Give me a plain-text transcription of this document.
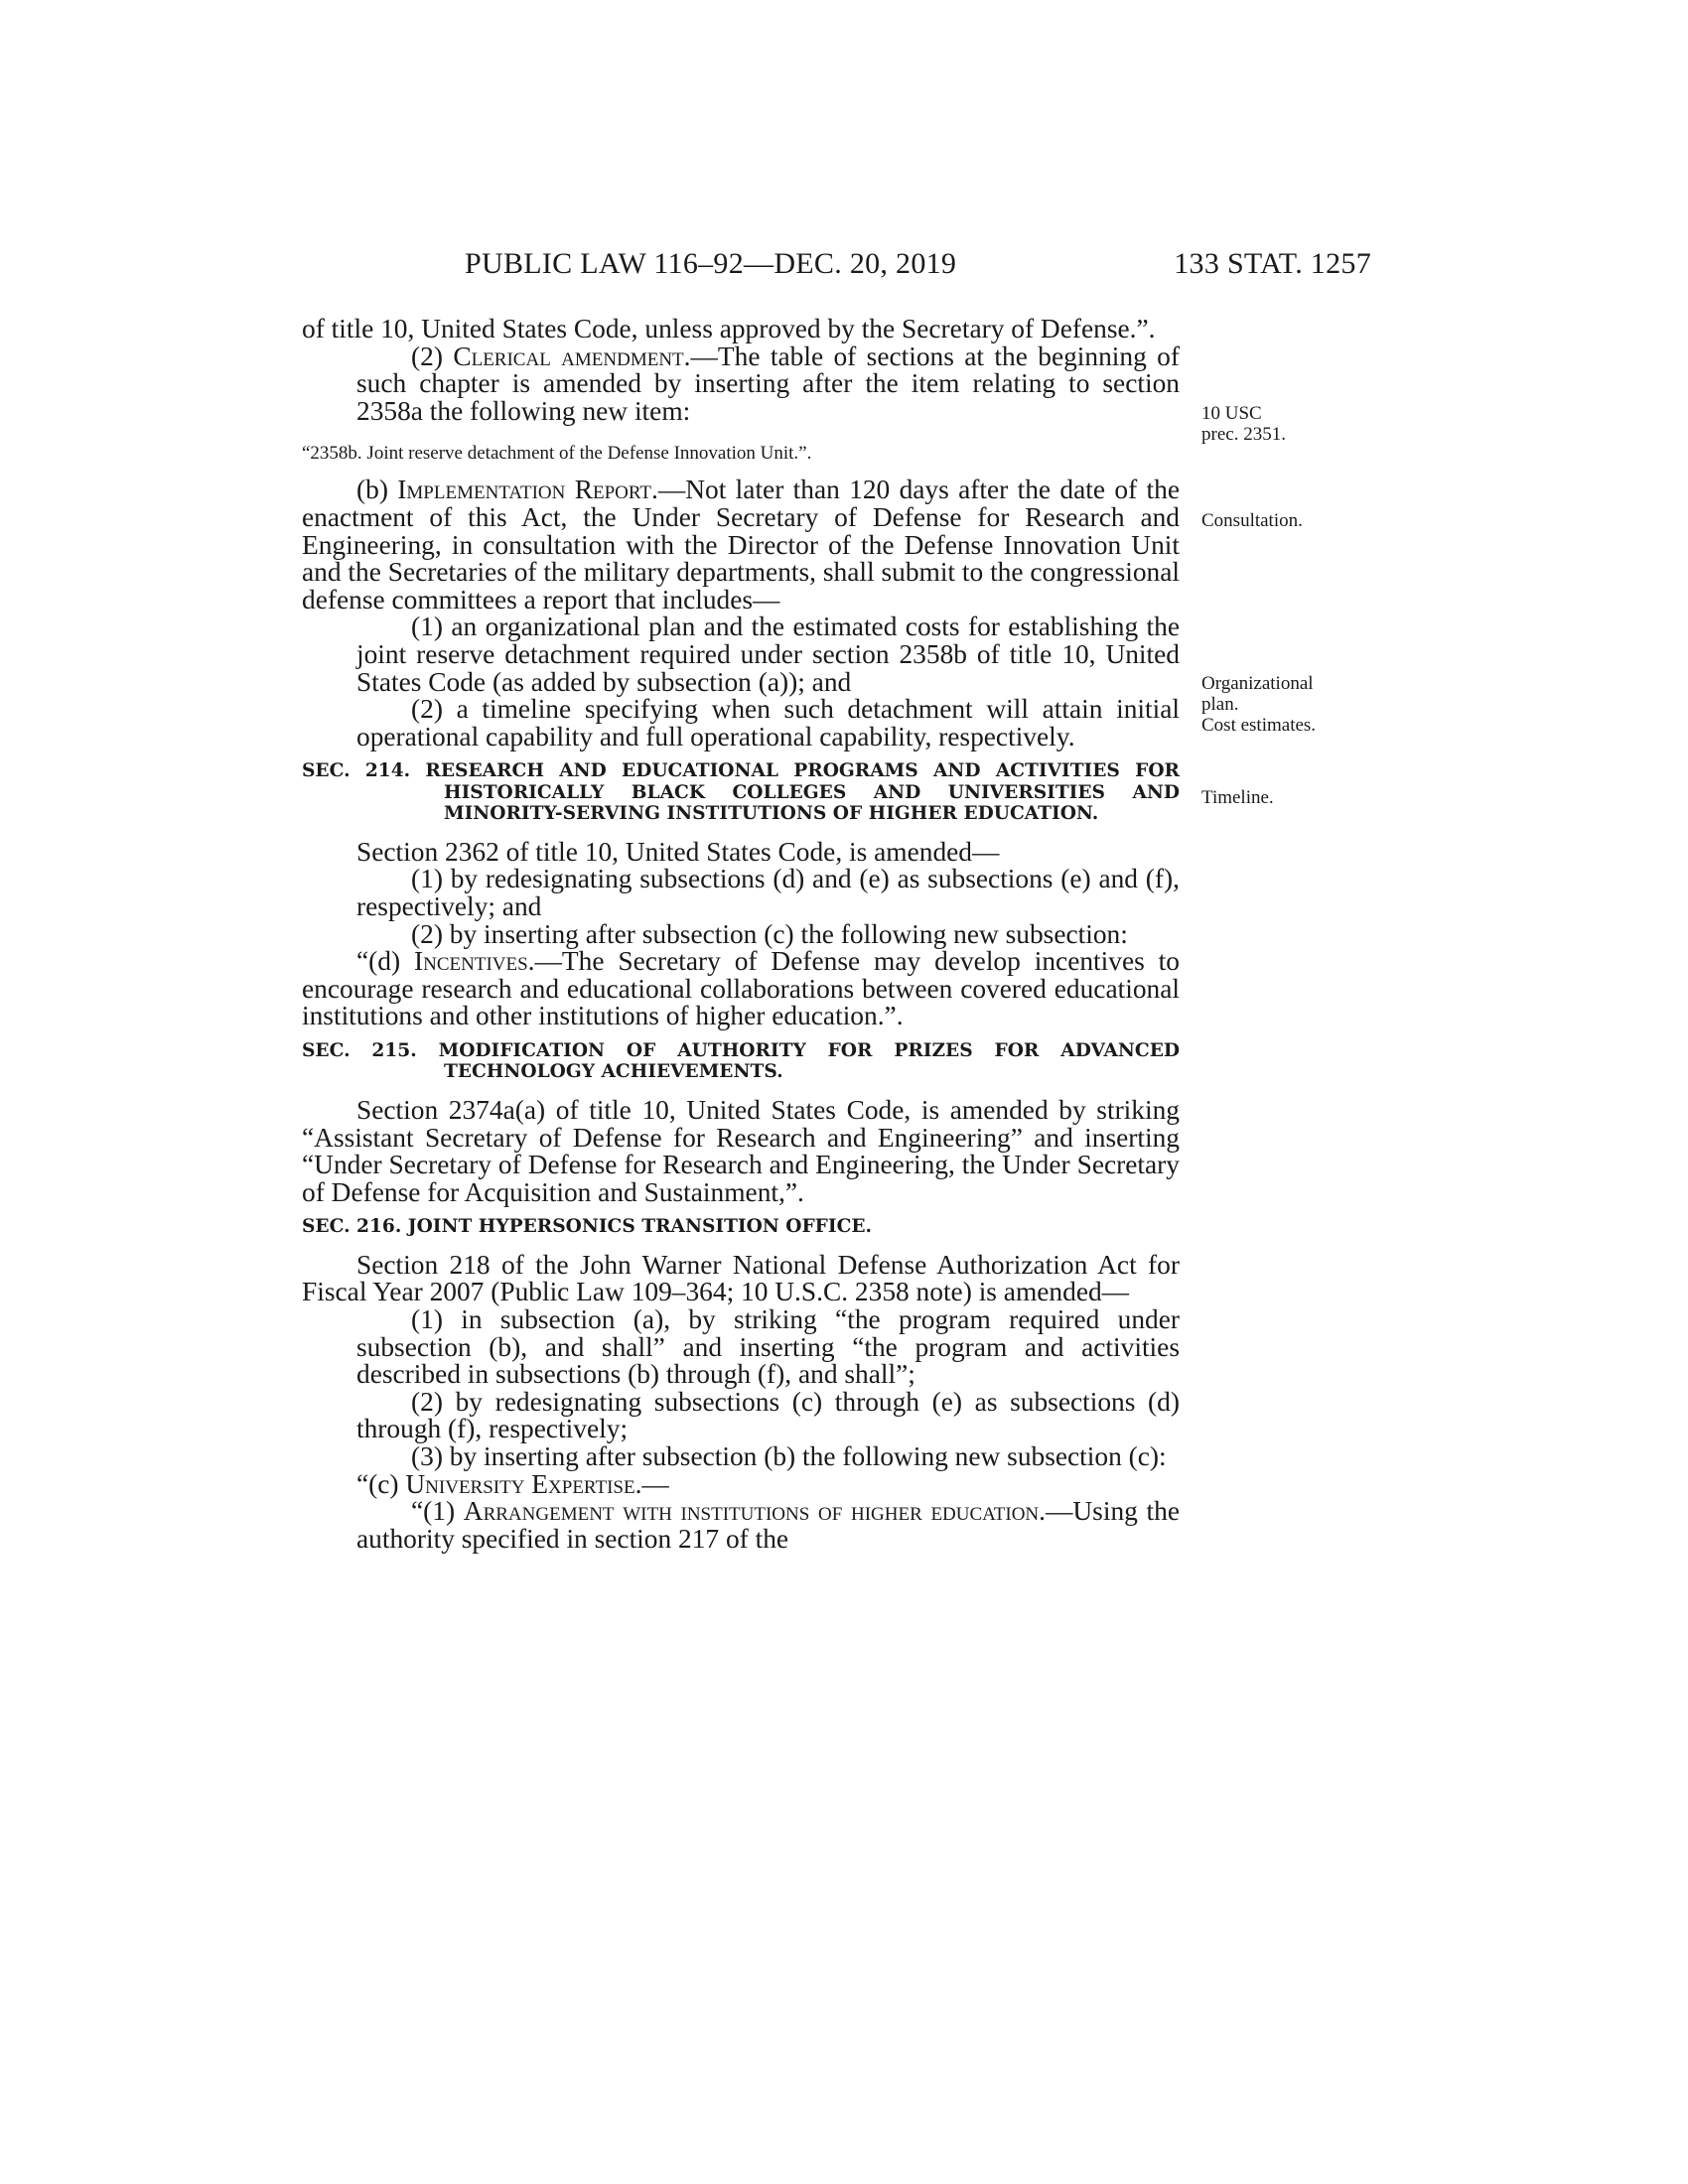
PUBLIC LAW 116–92—DEC. 20, 2019	133 STAT. 1257

of title 10, United States Code, unless approved by the Secretary of Defense.”.

(2) Clerical amendment.—The table of sections at the beginning of such chapter is amended by inserting after the item relating to section 2358a the following new item:

“2358b. Joint reserve detachment of the Defense Innovation Unit.”.

(b) Implementation Report.—Not later than 120 days after the date of the enactment of this Act, the Under Secretary of Defense for Research and Engineering, in consultation with the Director of the Defense Innovation Unit and the Secretaries of the military departments, shall submit to the congressional defense committees a report that includes—

(1) an organizational plan and the estimated costs for establishing the joint reserve detachment required under section 2358b of title 10, United States Code (as added by subsection (a)); and

(2) a timeline specifying when such detachment will attain initial operational capability and full operational capability, respectively.

SEC. 214. RESEARCH AND EDUCATIONAL PROGRAMS AND ACTIVITIES FOR HISTORICALLY BLACK COLLEGES AND UNIVERSITIES AND MINORITY-SERVING INSTITUTIONS OF HIGHER EDUCATION.

Section 2362 of title 10, United States Code, is amended—

(1) by redesignating subsections (d) and (e) as subsections (e) and (f), respectively; and

(2) by inserting after subsection (c) the following new subsection:

“(d) Incentives.—The Secretary of Defense may develop incentives to encourage research and educational collaborations between covered educational institutions and other institutions of higher education.”.

SEC. 215. MODIFICATION OF AUTHORITY FOR PRIZES FOR ADVANCED TECHNOLOGY ACHIEVEMENTS.

Section 2374a(a) of title 10, United States Code, is amended by striking “Assistant Secretary of Defense for Research and Engineering” and inserting “Under Secretary of Defense for Research and Engineering, the Under Secretary of Defense for Acquisition and Sustainment,”.

SEC. 216. JOINT HYPERSONICS TRANSITION OFFICE.

Section 218 of the John Warner National Defense Authorization Act for Fiscal Year 2007 (Public Law 109–364; 10 U.S.C. 2358 note) is amended—

(1) in subsection (a), by striking “the program required under subsection (b), and shall” and inserting “the program and activities described in subsections (b) through (f), and shall”;

(2) by redesignating subsections (c) through (e) as subsections (d) through (f), respectively;

(3) by inserting after subsection (b) the following new subsection (c):

“(c) University Expertise.—

“(1) Arrangement with institutions of higher education.—Using the authority specified in section 217 of the

10 USC
prec. 2351.
Consultation.
Organizational
plan.
Cost estimates.
Timeline.
